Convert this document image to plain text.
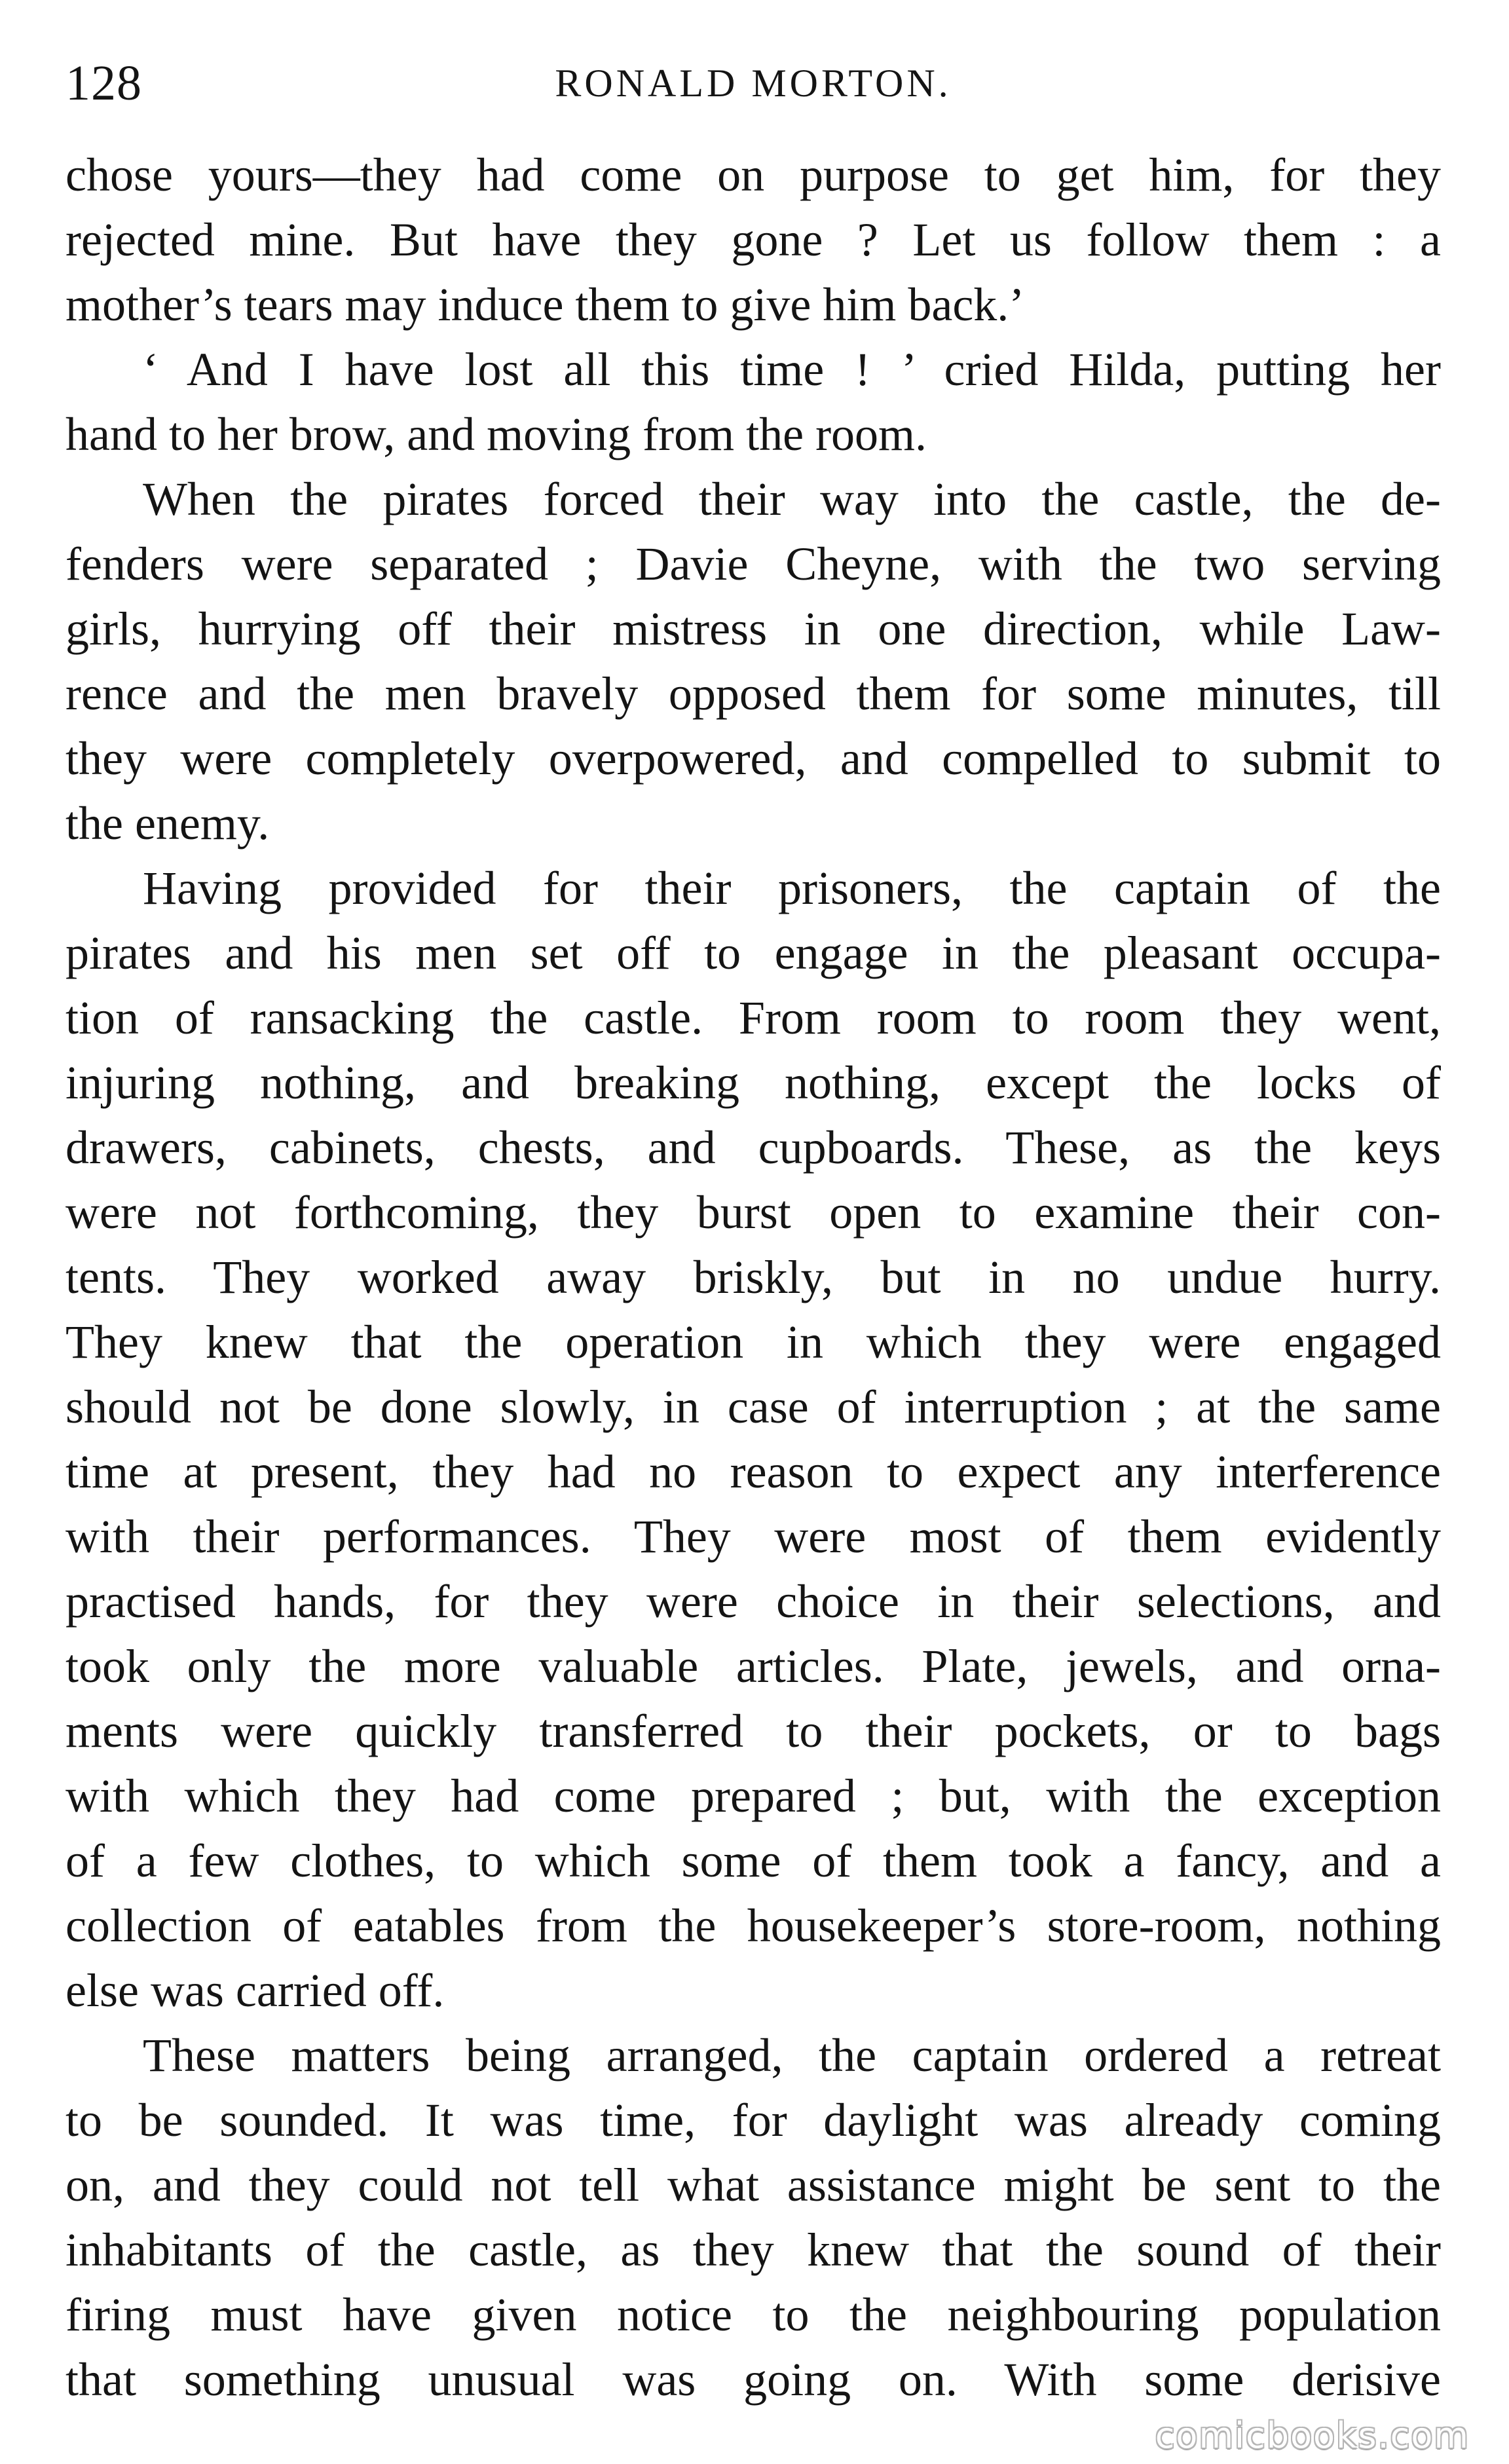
128	RONALD MORTON.
chose yours—they had come on purpose to get him, for they
rejected mine. But have they gone ? Let us follow them : a
mother’s tears may induce them to give him back.’
‘ And I have lost all this time ! ’ cried Hilda, putting her
hand to her brow, and moving from the room.
When the pirates forced their way into the castle, the de-
fenders were separated ; Davie Cheyne, with the two serving
girls, hurrying off their mistress in one direction, while Law-
rence and the men bravely opposed them for some minutes, till
they were completely overpowered, and compelled to submit to
the enemy.
Having provided for their prisoners, the captain of the
pirates and his men set off to engage in the pleasant occupa-
tion of ransacking the castle. From room to room they went,
injuring nothing, and breaking nothing, except the locks of
drawers, cabinets, chests, and cupboards. These, as the keys
were not forthcoming, they burst open to examine their con-
tents. They worked away briskly, but in no undue hurry.
They knew that the operation in which they were engaged
should not be done slowly, in case of interruption ; at the same
time at present, they had no reason to expect any interference
with their performances. They were most of them evidently
practised hands, for they were choice in their selections, and
took only the more valuable articles. Plate, jewels, and orna-
ments were quickly transferred to their pockets, or to bags
with which they had come prepared ; but, with the exception
of a few clothes, to which some of them took a fancy, and a
collection of eatables from the housekeeper’s store-room, nothing
else was carried off.
These matters being arranged, the captain ordered a retreat
to be sounded. It was time, for daylight was already coming
on, and they could not tell what assistance might be sent to the
inhabitants of the castle, as they knew that the sound of their
firing must have given notice to the neighbouring population
that something unusual was going on. With some derisive
comicbooks.com
